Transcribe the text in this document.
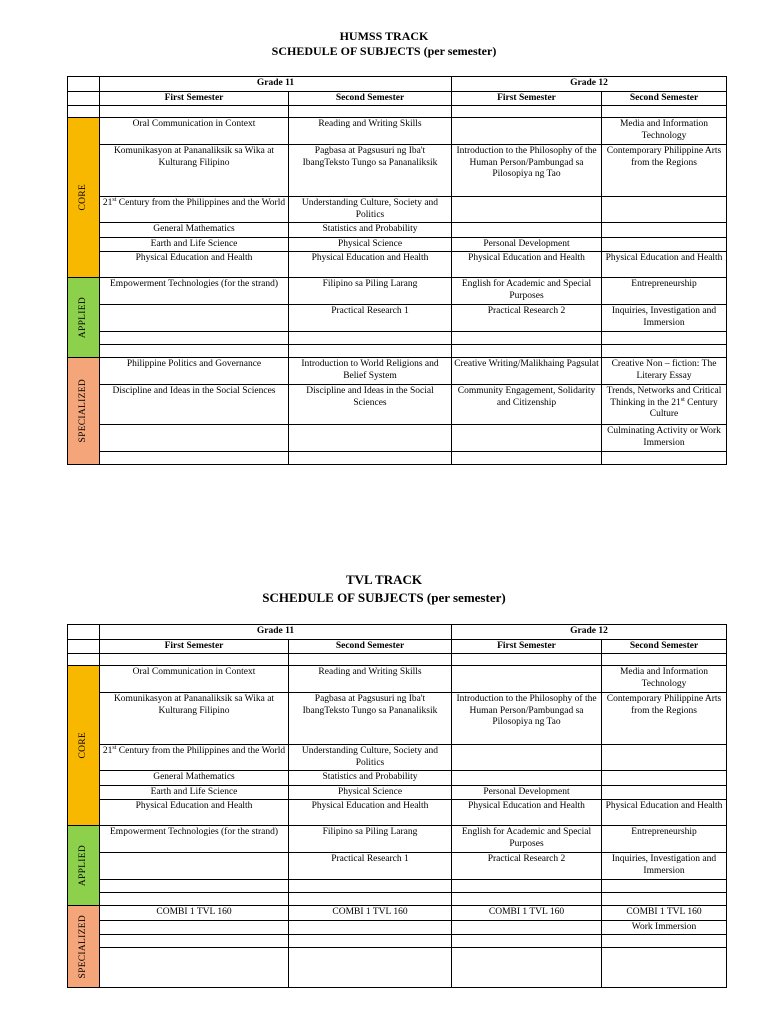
HUMSS TRACK
SCHEDULE OF SUBJECTS (per semester)
	Grade 11		Grade 12	
	First Semester	Second Semester	First Semester	Second Semester

CORE	Oral Communication in Context	Reading and Writing Skills		Media and Information Technology
	Komunikasyon at Pananaliksik sa Wika at Kulturang Filipino	Pagbasa at Pagsusuri ng Iba't IbangTeksto Tungo sa Pananaliksik	Introduction to the Philosophy of the Human Person/Pambungad sa Pilosopiya ng Tao	Contemporary Philippine Arts from the Regions
	21st Century from the Philippines and the World	Understanding Culture, Society and Politics		
	General Mathematics	Statistics and Probability		
	Earth and Life Science	Physical Science	Personal Development	
	Physical Education and Health	Physical Education and Health	Physical Education and Health	Physical Education and Health

APPLIED	Empowerment Technologies (for the strand)	Filipino sa Piling Larang	English for Academic and Special Purposes	Entrepreneurship
		Practical Research 1	Practical Research 2	Inquiries, Investigation and Immersion

SPECIALIZED	Philippine Politics and Governance	Introduction to World Religions and Belief System	Creative Writing/Malikhaing Pagsulat	Creative Non – fiction: The Literary Essay
	Discipline and Ideas in the Social Sciences	Discipline and Ideas in the Social Sciences	Community Engagement, Solidarity and Citizenship	Trends, Networks and Critical Thinking in the 21st Century Culture
				Culminating Activity or Work Immersion

TVL TRACK
SCHEDULE OF SUBJECTS (per semester)
	Grade 11		Grade 12	
	First Semester	Second Semester	First Semester	Second Semester

CORE	Oral Communication in Context	Reading and Writing Skills		Media and Information Technology
	Komunikasyon at Pananaliksik sa Wika at Kulturang Filipino	Pagbasa at Pagsusuri ng Iba't IbangTeksto Tungo sa Pananaliksik	Introduction to the Philosophy of the Human Person/Pambungad sa Pilosopiya ng Tao	Contemporary Philippine Arts from the Regions
	21st Century from the Philippines and the World	Understanding Culture, Society and Politics		
	General Mathematics	Statistics and Probability		
	Earth and Life Science	Physical Science	Personal Development	
	Physical Education and Health	Physical Education and Health	Physical Education and Health	Physical Education and Health

APPLIED	Empowerment Technologies (for the strand)	Filipino sa Piling Larang	English for Academic and Special Purposes	Entrepreneurship
		Practical Research 1	Practical Research 2	Inquiries, Investigation and Immersion

SPECIALIZED	COMBI 1 TVL 160	COMBI 1 TVL 160	COMBI 1 TVL 160	COMBI 1 TVL 160
				Work Immersion
